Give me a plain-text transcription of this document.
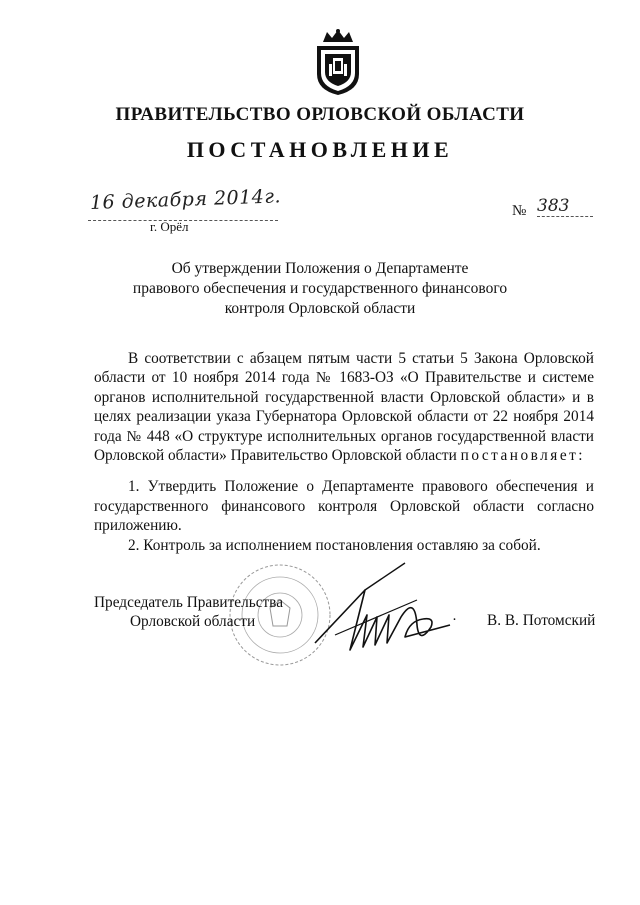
ПРАВИТЕЛЬСТВО ОРЛОВСКОЙ ОБЛАСТИ
ПОСТАНОВЛЕНИЕ
16 декабря 2014г.
г. Орёл
№ 383
Об утверждении Положения о Департаменте
правового обеспечения и государственного финансового
контроля Орловской области

В соответствии с абзацем пятым части 5 статьи 5 Закона Орловской области от 10 ноября 2014 года № 1683-ОЗ «О Правительстве и системе органов исполнительной государственной власти Орловской области» и в целях реализации указа Губернатора Орловской области от 22 ноября 2014 года № 448 «О структуре исполнительных органов государственной власти Орловской области» Правительство Орловской области постановляет:

1. Утвердить Положение о Департаменте правового обеспечения и государственного финансового контроля Орловской области согласно приложению.

2. Контроль за исполнением постановления оставляю за собой.

Председатель Правительства
Орловской области	· В. В. Потомский
